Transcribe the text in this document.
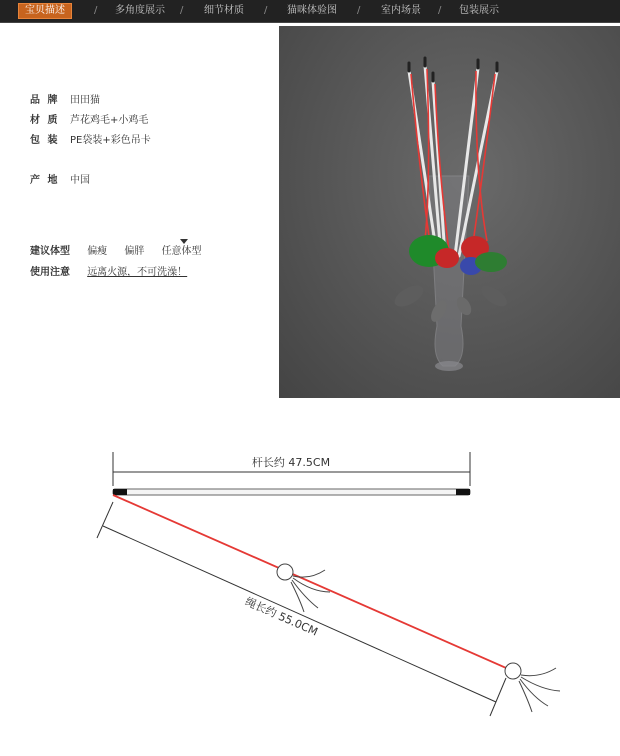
宝贝描述	/ 多角度展示 / 细节材质 / 猫咪体验图 / 室内场景 / 包装展示
品 牌 田田猫
材 质 芦花鸡毛+小鸡毛
包 装 PE袋装+彩色吊卡
产 地 中国
建议体型 偏瘦 偏胖 任意体型
使用注意 远离火源，不可洗澡！
杆长约 47.5CM
绳长约 55.0CM
